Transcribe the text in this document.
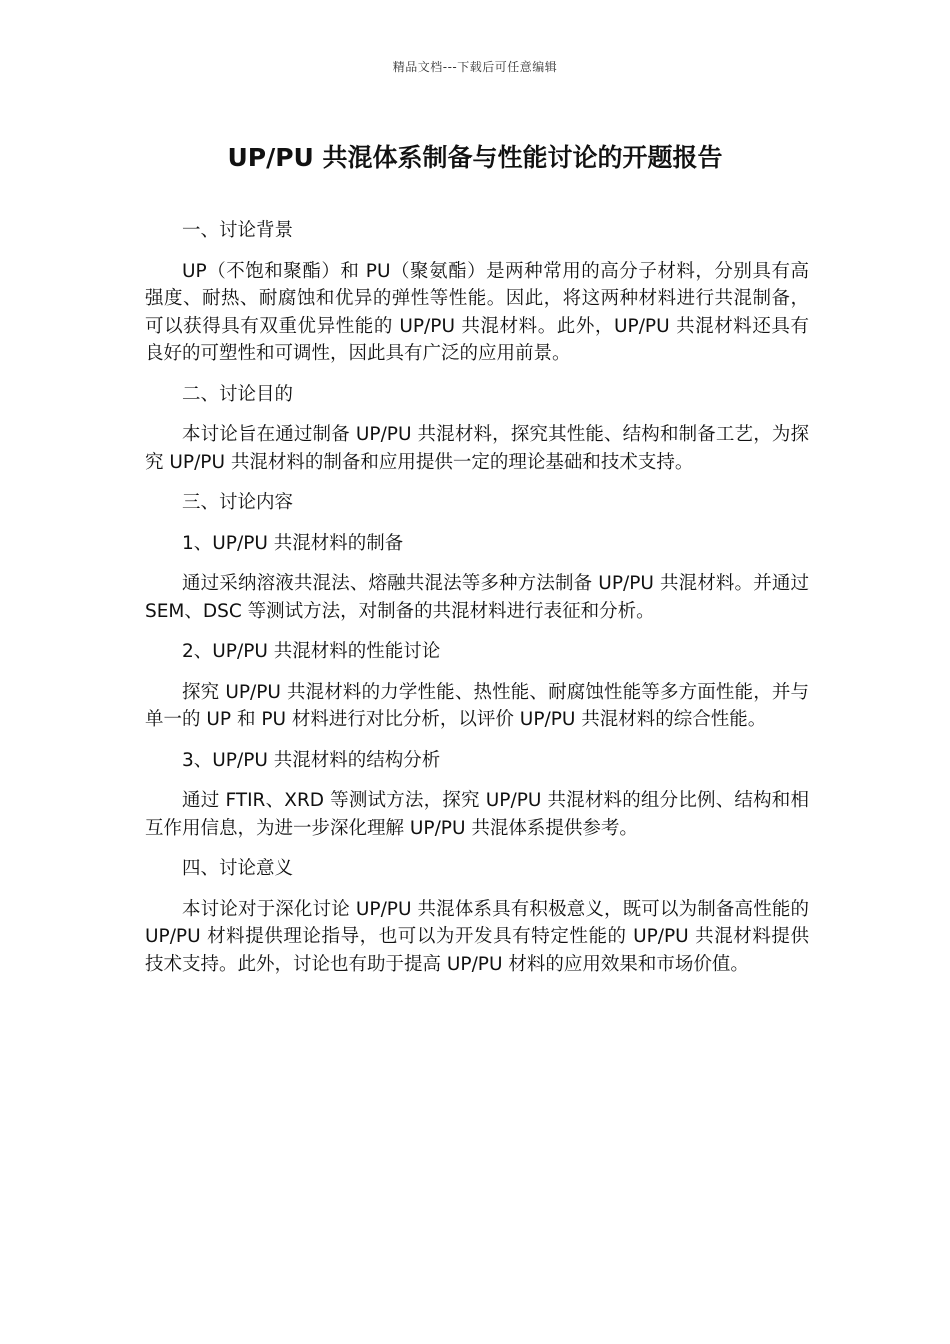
精品文档---下载后可任意编辑
UP/PU 共混体系制备与性能讨论的开题报告

一、讨论背景

UP（不饱和聚酯）和 PU（聚氨酯）是两种常用的高分子材料，分别具有高强度、耐热、耐腐蚀和优异的弹性等性能。因此，将这两种材料进行共混制备，可以获得具有双重优异性能的 UP/PU 共混材料。此外，UP/PU 共混材料还具有良好的可塑性和可调性，因此具有广泛的应用前景。

二、讨论目的

本讨论旨在通过制备 UP/PU 共混材料，探究其性能、结构和制备工艺，为探究 UP/PU 共混材料的制备和应用提供一定的理论基础和技术支持。

三、讨论内容

1、UP/PU 共混材料的制备

通过采纳溶液共混法、熔融共混法等多种方法制备 UP/PU 共混材料。并通过 SEM、DSC 等测试方法，对制备的共混材料进行表征和分析。

2、UP/PU 共混材料的性能讨论

探究 UP/PU 共混材料的力学性能、热性能、耐腐蚀性能等多方面性能，并与单一的 UP 和 PU 材料进行对比分析，以评价 UP/PU 共混材料的综合性能。

3、UP/PU 共混材料的结构分析

通过 FTIR、XRD 等测试方法，探究 UP/PU 共混材料的组分比例、结构和相互作用信息，为进一步深化理解 UP/PU 共混体系提供参考。

四、讨论意义

本讨论对于深化讨论 UP/PU 共混体系具有积极意义，既可以为制备高性能的 UP/PU 材料提供理论指导，也可以为开发具有特定性能的 UP/PU 共混材料提供技术支持。此外，讨论也有助于提高 UP/PU 材料的应用效果和市场价值。
